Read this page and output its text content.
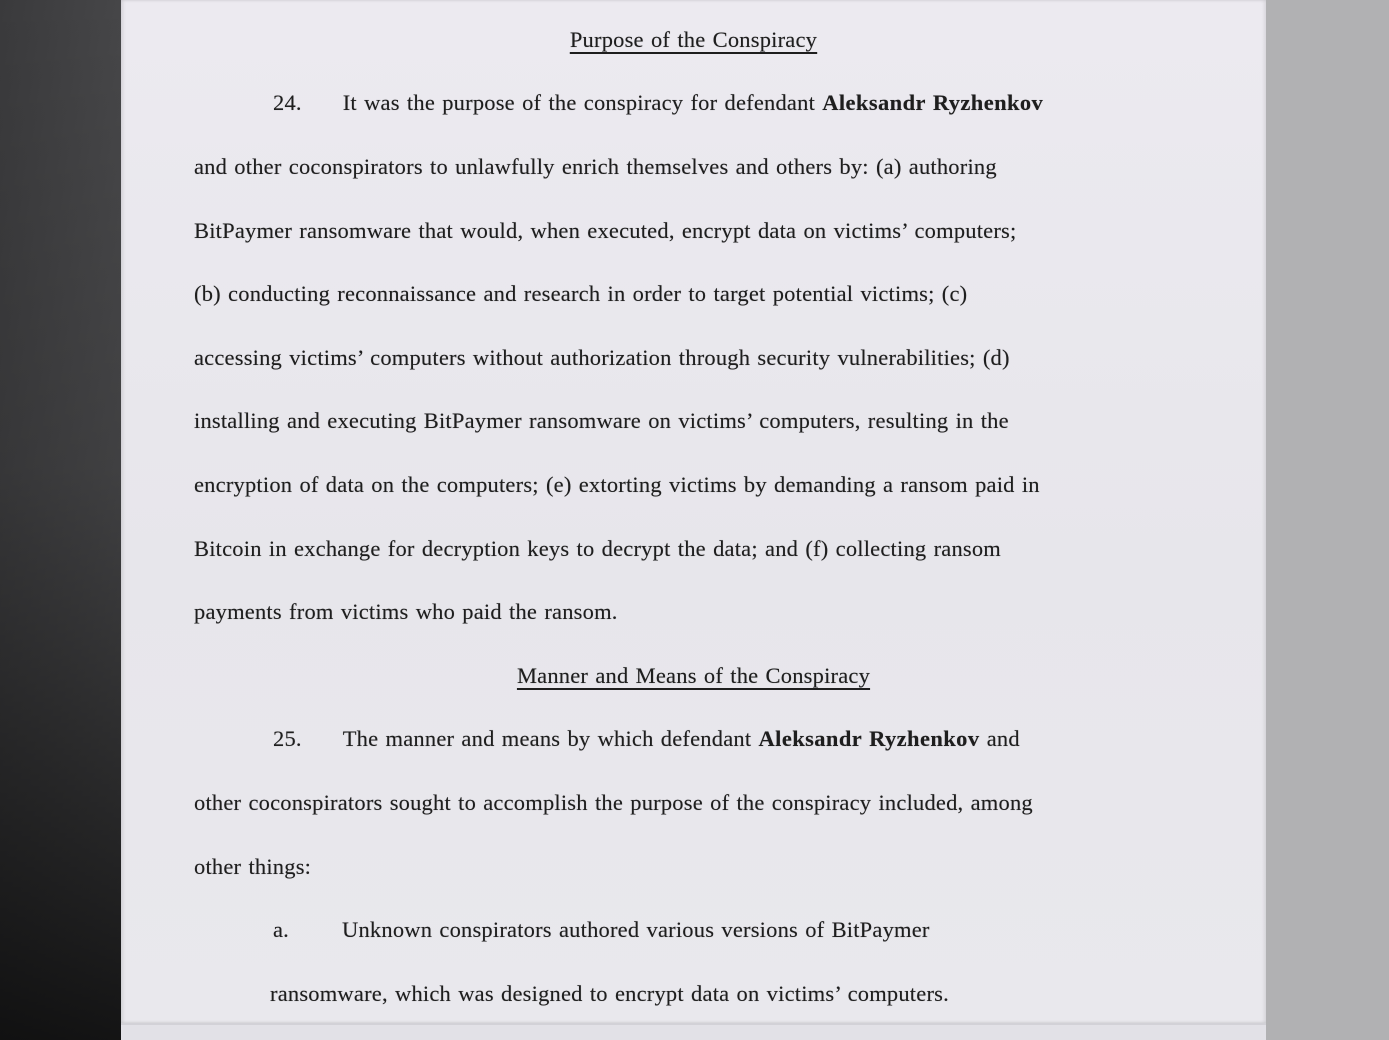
Purpose of the Conspiracy
24. It was the purpose of the conspiracy for defendant Aleksandr Ryzhenkov
and other coconspirators to unlawfully enrich themselves and others by: (a) authoring
BitPaymer ransomware that would, when executed, encrypt data on victims’ computers;
(b) conducting reconnaissance and research in order to target potential victims; (c)
accessing victims’ computers without authorization through security vulnerabilities; (d)
installing and executing BitPaymer ransomware on victims’ computers, resulting in the
encryption of data on the computers; (e) extorting victims by demanding a ransom paid in
Bitcoin in exchange for decryption keys to decrypt the data; and (f) collecting ransom
payments from victims who paid the ransom.
Manner and Means of the Conspiracy
25. The manner and means by which defendant Aleksandr Ryzhenkov and
other coconspirators sought to accomplish the purpose of the conspiracy included, among
other things:
a. Unknown conspirators authored various versions of BitPaymer
ransomware, which was designed to encrypt data on victims’ computers.
